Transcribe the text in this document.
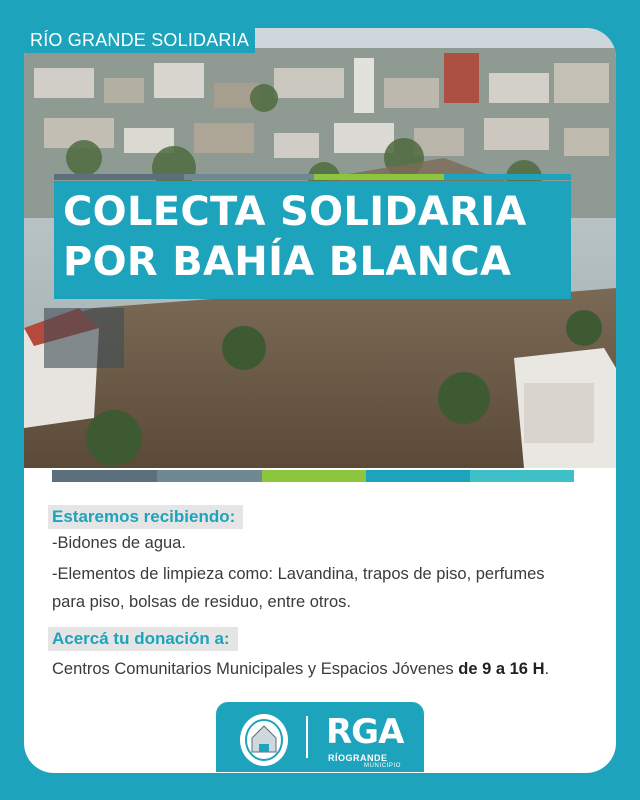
RÍO GRANDE SOLIDARIA
COLECTA SOLIDARIA
POR BAHÍA BLANCA
Estaremos recibiendo:
-Bidones de agua.
-Elementos de limpieza como: Lavandina, trapos de piso, perfumes
para piso, bolsas de residuo, entre otros.
Acercá tu donación a:
Centros Comunitarios Municipales y Espacios Jóvenes de 9 a 16 H.
RGA
RÍOGRANDE
MUNICIPIO
